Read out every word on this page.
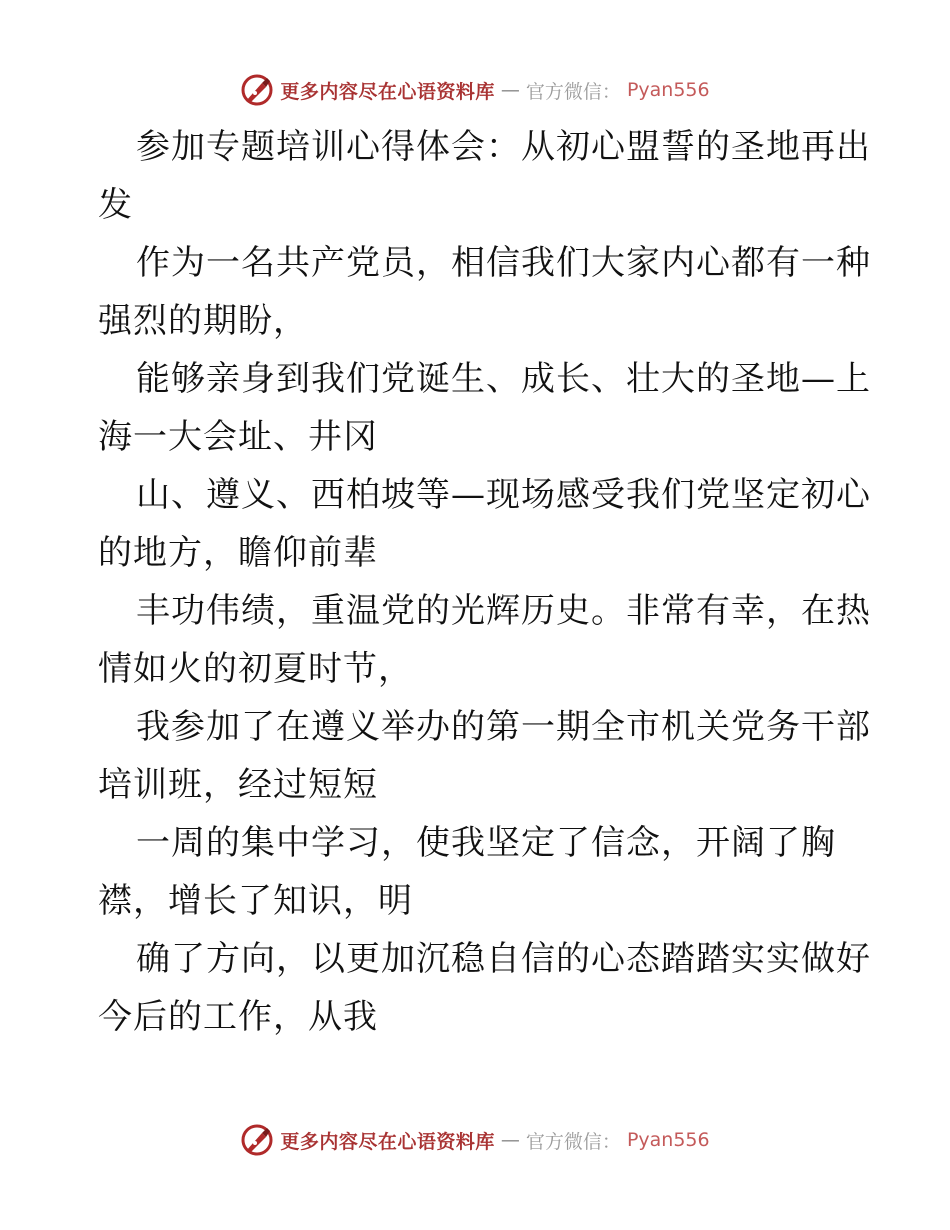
更多内容尽在心语资料库 — 官方微信： Pyan556
参加专题培训心得体会：从初心盟誓的圣地再出
发
作为一名共产党员，相信我们大家内心都有一种
强烈的期盼，
能够亲身到我们党诞生、成长、壮大的圣地—上
海一大会址、井冈
山、遵义、西柏坡等—现场感受我们党坚定初心
的地方，瞻仰前辈
丰功伟绩，重温党的光辉历史。非常有幸，在热
情如火的初夏时节，
我参加了在遵义举办的第一期全市机关党务干部
培训班，经过短短
一周的集中学习，使我坚定了信念，开阔了胸
襟，增长了知识，明
确了方向，以更加沉稳自信的心态踏踏实实做好
今后的工作，从我
更多内容尽在心语资料库 — 官方微信： Pyan556
